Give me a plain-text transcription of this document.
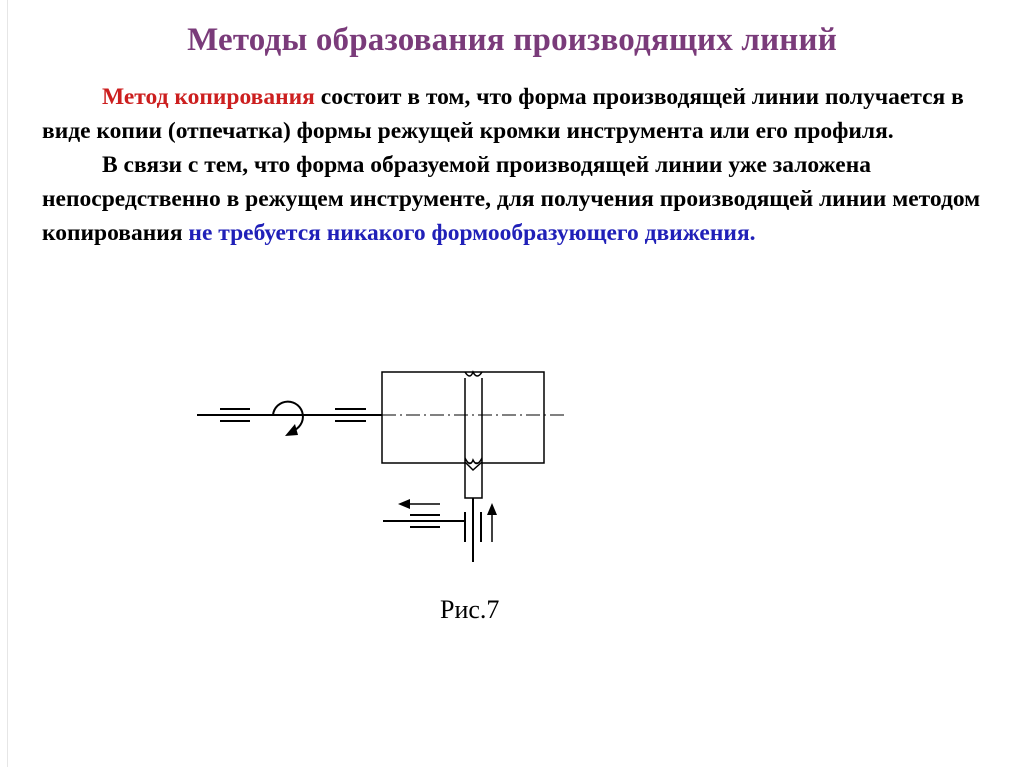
Методы образования производящих линий

Метод копирования состоит в том, что форма производящей линии получается в виде копии (отпечатка) формы режущей кромки инструмента или его профиля.

В связи с тем, что форма образуемой производящей линии уже заложена непосредственно в режущем инструменте, для получения производящей линии методом копирования не требуется никакого формообразующего движения.

Рис.7
